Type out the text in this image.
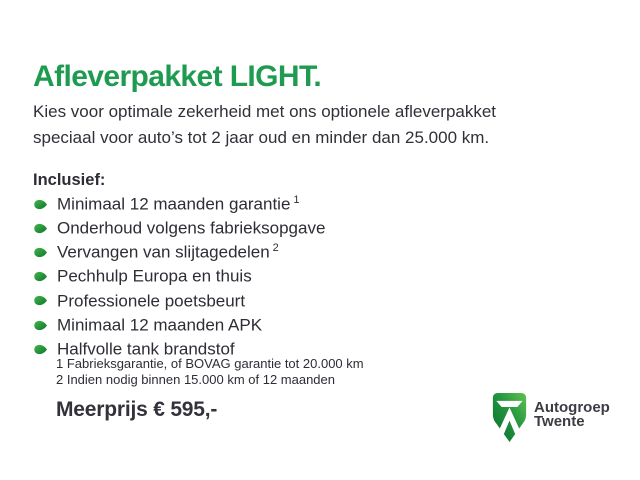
Afleverpakket LIGHT.
Kies voor optimale zekerheid met ons optionele afleverpakket
speciaal voor auto’s tot 2 jaar oud en minder dan 25.000 km.
Inclusief:
Minimaal 12 maanden garantie $^1$
Onderhoud volgens fabrieksopgave
Vervangen van slijtagedelen $^2$
Pechhulp Europa en thuis
Professionele poetsbeurt
Minimaal 12 maanden APK
Halfvolle tank brandstof
1 Fabrieksgarantie, of BOVAG garantie tot 20.000 km
2 Indien nodig binnen 15.000 km of 12 maanden
Meerprijs € 595,-	Autogroep
Twente
